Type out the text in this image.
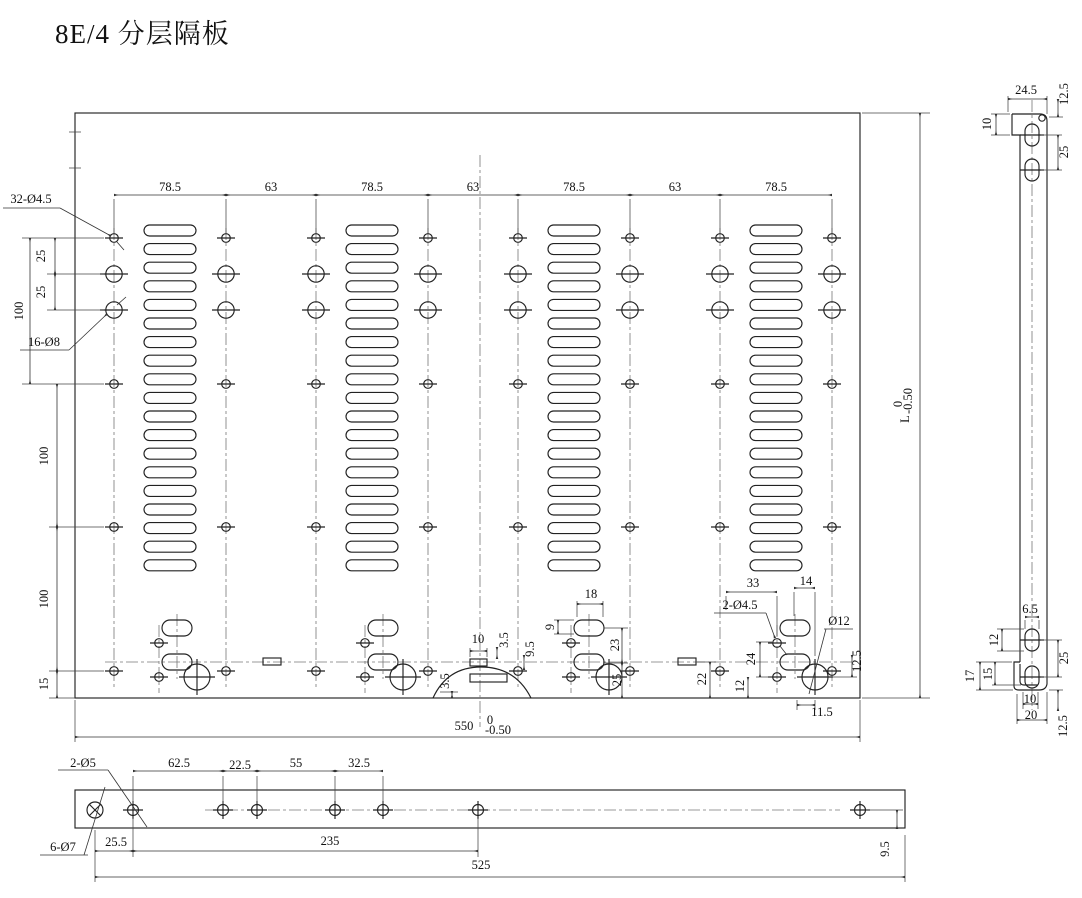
8E/4 分层隔板
78.5	63	78.5	63	78.5	63	78.5
32-Ø4.5
25
25
100
16-Ø8
100
100
15
L
0
-0.50
550 0
-0.50
10 3.5
9.5
3.5
18
9
23
25	22
33	14
2-Ø4.5
Ø12
12.5
24
12
11.5
24.5 12.5
10
25
6.5
12
25
17 15
10
20
12.5
2-Ø5	62.5	22.5	55	32.5
6-Ø7 25.5	235
525
9.5
